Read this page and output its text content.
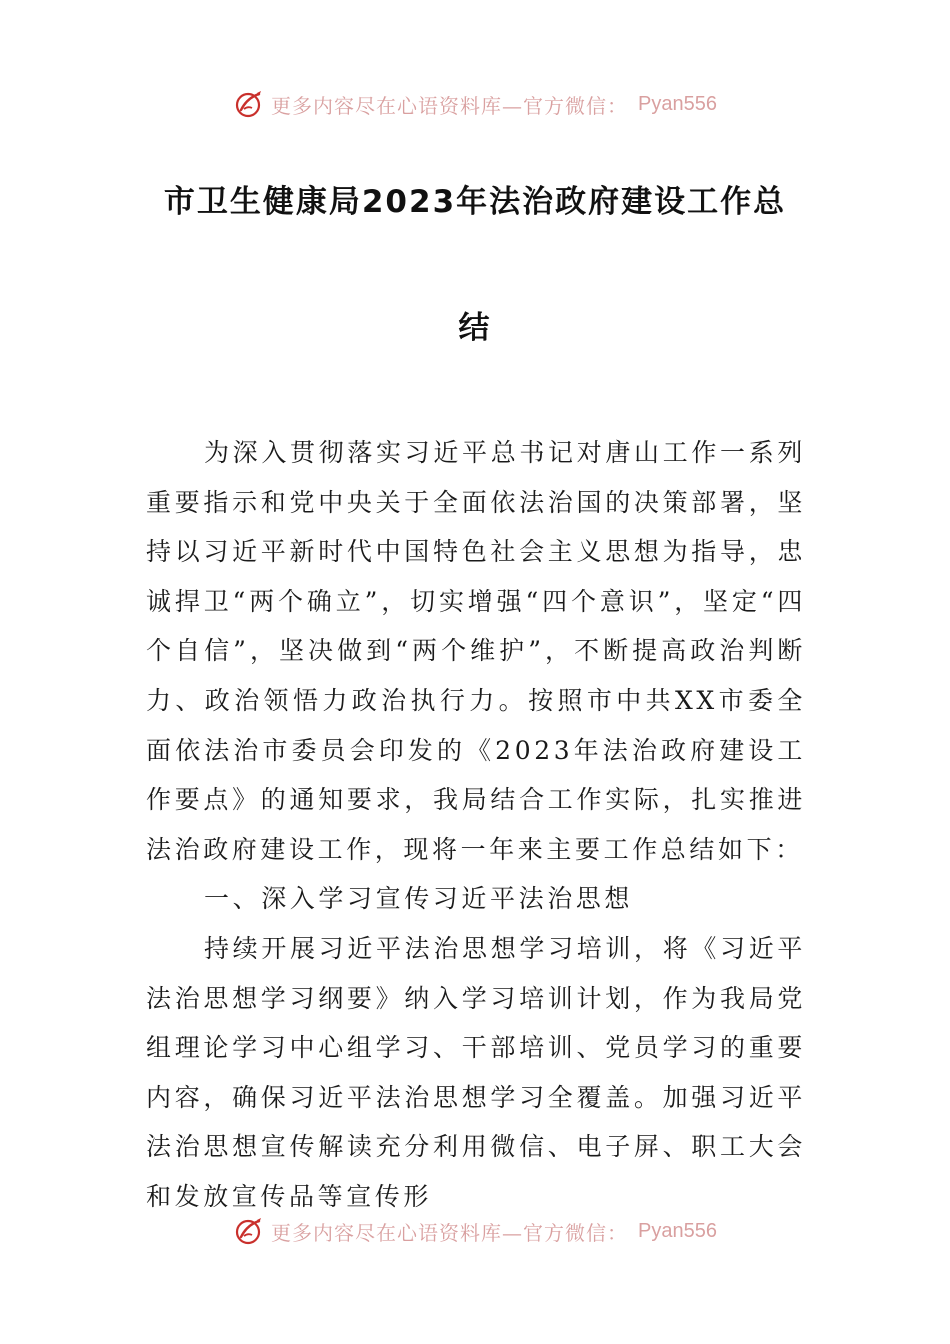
更多内容尽在心语资料库—官方微信： Pyan556
市卫生健康局2023年法治政府建设工作总
结

为深入贯彻落实习近平总书记对唐山工作一系列重要指示和党中央关于全面依法治国的决策部署，坚持以习近平新时代中国特色社会主义思想为指导，忠诚捍卫“两个确立”，切实增强“四个意识”，坚定“四个自信”，坚决做到“两个维护”，不断提高政治判断力、政治领悟力政治执行力。按照市中共XX市委全面依法治市委员会印发的《2023年法治政府建设工作要点》的通知要求，我局结合工作实际，扎实推进法治政府建设工作，现将一年来主要工作总结如下：

一、深入学习宣传习近平法治思想

持续开展习近平法治思想学习培训，将《习近平法治思想学习纲要》纳入学习培训计划，作为我局党组理论学习中心组学习、干部培训、党员学习的重要内容，确保习近平法治思想学习全覆盖。加强习近平法治思想宣传解读充分利用微信、电子屏、职工大会和发放宣传品等宣传形

更多内容尽在心语资料库—官方微信： Pyan556
